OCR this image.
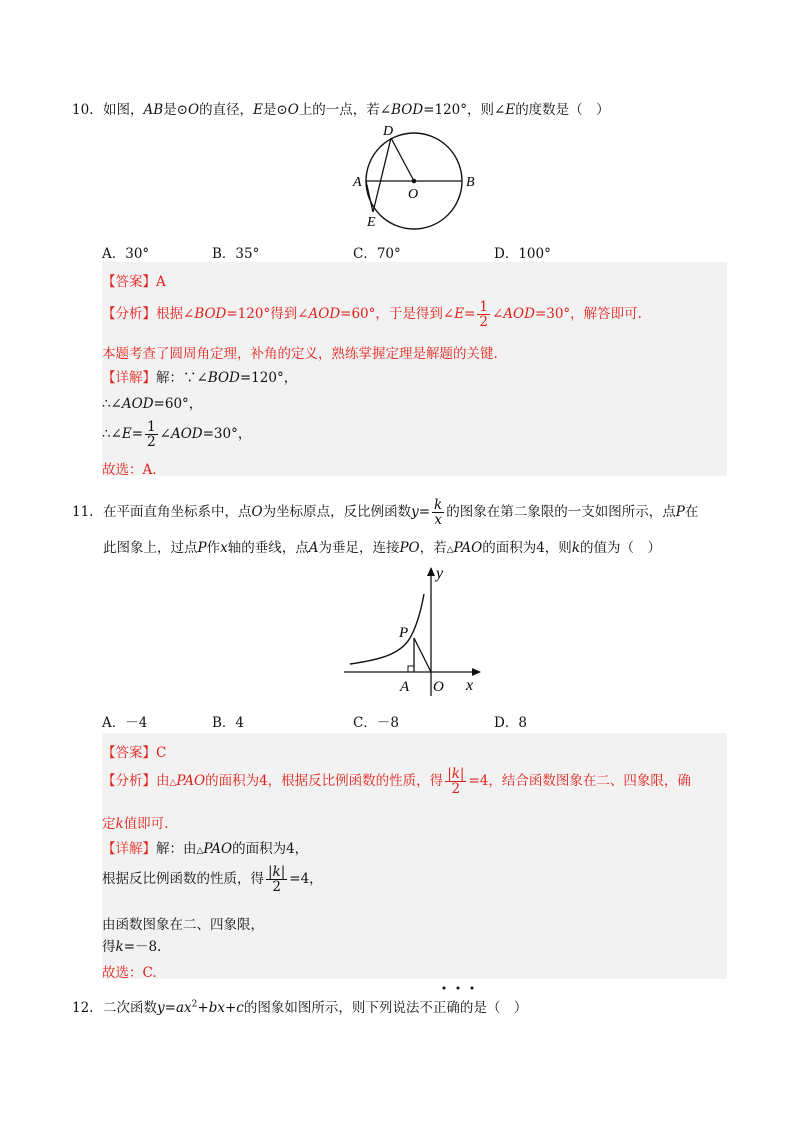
10. 如图，AB是⊙O的直径，E是⊙O上的一点，若∠BOD=120°，则∠E的度数是（　）
D
A
O
B
E
A．30°	B．35°	C．70°	D．100°
【答案】A
【分析】根据∠BOD=120°得到∠AOD=60°，于是得到∠E= $\frac{1}{2}$ ∠AOD=30°，解答即可.
本题考查了圆周角定理，补角的定义，熟练掌握定理是解题的关键.
【详解】解：∵∠BOD=120°，
∴∠AOD=60°，
∴∠E= $\frac{1}{2}$ ∠AOD=30°，
故选：A.
11. 在平面直角坐标系中，点O为坐标原点，反比例函数$y= \frac{k}{x}$ 的图象在第二象限的一支如图所示，点P在
此图象上，过点P作x轴的垂线，点A为垂足，连接PO，若△PAO的面积为4，则k的值为（　）
y
x
P
A O
A．－4	B．4	C．－8	D．8
【答案】C
【分析】由△PAO的面积为4，根据反比例函数的性质，得 $\frac{|k|}{2} =4$，结合函数图象在二、四象限，确
定k值即可.
【详解】解：由△PAO的面积为4，
根据反比例函数的性质，得 $\frac{|k|}{2} =4$，
由函数图象在二、四象限，
得k=－8.
故选：C.
12. 二次函数$y=ax^2+bx+c$的图象如图所示，则下列说法不正确的是（　）
